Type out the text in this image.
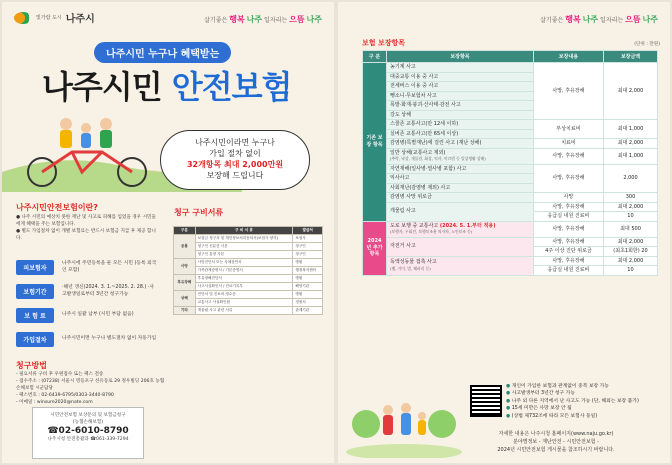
빛가람 도시 나주시	살기좋은 행복 나주 일자리는 으뜸 나주
나주시민 누구나 혜택받는
나주시민 안전보험

나주시민이라면 누구나

가입 절차 없이

32개항목 최대 2,000만원

보장해 드립니다

나주시민안전보험이란?

● 나주 시민의 예상치 못한 재난 및 사고로 피해를 입었을 경우 시민들에게 혜택을 주는 보험입니다.

● 별도 가입절차 없이 개별 보험료는 반드시 보험금 지급 후 제공 합니다.

피보험자
나주시에 주민등록을 둔 모든 시민 (등록 외국인 포함)
보험기간
·해년 갱신(2024. 3. 1.~2025. 2. 28.) ·사고발생일로부터 3년간 청구가능
보 험 료	나주시 일괄 납부 (시민 부담 없음)
가입절차	나주시민이면 누구나 별도절차 없이 자동가입
청구방법

- 필요서류 구비 후 우편접수 또는 팩스 전송

- 접수주소 : (07238) 서울시 영등포구 선유동로 29 정우빌딩 206호 농협손해보험 시군담당

- 팩스번호 : 02-6439-6795/0303-3440-8790

- 이메일 : winsure2020@nate.com

시민안전보험 보상문의 및 보험금청구

(농협손해보험)

☎02-6010-8790

나주시청 안전총괄과 ☎061-339-7294

청구 구비서류
구분	구 비 서 류	발급처
공통	보험금 청구서 및 개인정보처리동의서(보험사 양식)	보험사
	청구인 신분증 사본	청구인
	청구인 통장 사본	청구인
사망	사망진단서 또는 사체검안서	병원
	가족관계증명서 / 기본증명서	행정복지센터
후유장해	후유장해진단서	병원
	사고사실확인서 / 진료기록부	해당기관
상해	진단서 및 진료비 영수증	병원
	교통사고 사실확인원	경찰서
기타	개물림 사고 관련 서류	관계기관
살기좋은 행복 나주 일자리는 으뜸 나주
보험 보장항목	(단위 : 만원)
구 분	보장항목	보장내용	보장금액
기존 보장 항목	농기계 사고	사망, 후유장해	최대 2,000
	대중교통 이용 중 사고		
	전세버스 이용 중 사고		
	뺑소니·무보험차 사고		
	폭발·화재·붕괴·산사태·감전 사고		
	강도 상해		
	스쿨존 교통사고(만 12세 이하)	부상치료비	최대 1,000
	실버존 교통사고(만 65세 이상)		
	감염병(특별재난)에 걸린 사고 (재난 상해)	치료비	최대 2,000
	일반 상해(교통사고 제외)
(추락, 낙상, 개물림, 화상, 익사, 미끄럼 등 일상생활 상해)	사망, 후유장해	최대 1,000
	자연재해(일사병·열사병 포함) 사고	사망, 후유장해	2,000
	익사사고		
	사회재난(감염병 제외) 사고		
	감염병 사망 위로금	사망	300
	개물림 사고	사망, 후유장해	최대 2,000
		응급실 내원 진료비	10
2024년 추가 항목	도로 보행 중 교통사고 (2024. 5. 1.부터 적용)
(보행자, 우회전, 보행보조용 의자차, 노인보조 등)	사망, 후유장해	최대 500
	자전거 사고	사망, 후유장해	최대 2,000
		4주 이상 진단 위로금	(최초1회한) 20
	독액성동물 접촉 사고
(뱀, 거미, 벌, 해파리 등)	사망, 후유장해	최대 2,000
		응급실 내원 진료비	10

● 개인이 가입한 보험과 관계없이 중복 보장 가능

● 사고발생부터 3년간 청구 가능

● 나주 외 다른 지역에서 난 사고도 가능 (단, 해외는 보장 불가)

● 15세 미만은 사망 보장 안 됨

● (상법 제732조에 따라 모든 보험사 동일)

자세한 내용은 나주시청 홈페이지(www.naju.go.kr)

분야별정보 - 재난안전 - 시민안전보험 -

2024년 시민안전보험 게시물을 참조하시기 바랍니다.
